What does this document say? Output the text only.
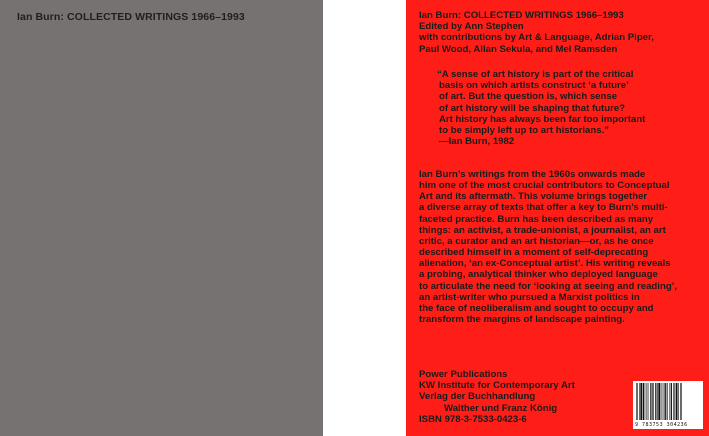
Ian Burn: COLLECTED WRITINGS 1966–1993	Ian Burn: COLLECTED WRITINGS 1966–1993
Edited by Ann Stephen
with contributions by Art & Language, Adrian Piper,
Paul Wood, Allan Sekula, and Mel Ramsden
“A sense of art history is part of the critical
basis on which artists construct ‘a future’
of art. But the question is, which sense
of art history will be shaping that future?
Art history has always been far too important
to be simply left up to art historians.”
—Ian Burn, 1982
Ian Burn’s writings from the 1960s onwards made
him one of the most crucial contributors to Conceptual
Art and its aftermath. This volume brings together
a diverse array of texts that offer a key to Burn’s multi-
faceted practice. Burn has been described as many
things: an activist, a trade-unionist, a journalist, an art
critic, a curator and an art historian—or, as he once
described himself in a moment of self-deprecating
alienation, ‘an ex-Conceptual artist’. His writing reveals
a probing, analytical thinker who deployed language
to articulate the need for ‘looking at seeing and reading’,
an artist-writer who pursued a Marxist politics in
the face of neoliberalism and sought to occupy and
transform the margins of landscape painting.
Power Publications
KW Institute for Contemporary Art
Verlag der Buchhandlung
Walther und Franz König
ISBN 978-3-7533-0423-6
9 783753 304236
